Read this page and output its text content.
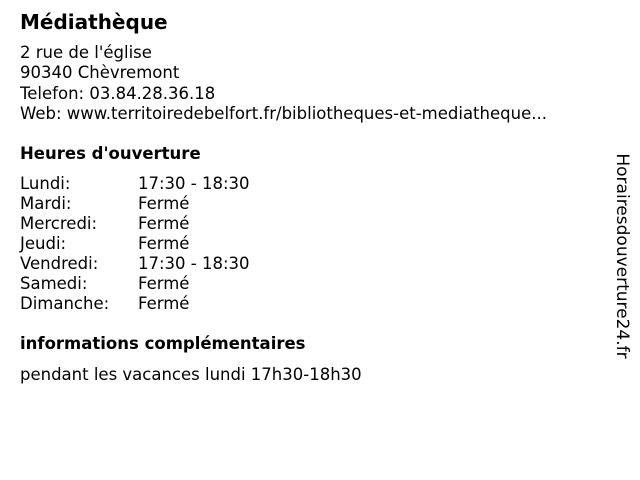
Médiathèque
2 rue de l'église
90340 Chèvremont
Telefon: 03.84.28.36.18
Web: www.territoiredebelfort.fr/bibliotheques-et-mediatheque...
Heures d'ouverture
Lundi:	17:30 - 18:30
Mardi:	Fermé
Mercredi:	Fermé
Jeudi:	Fermé
Vendredi:	17:30 - 18:30
Samedi:	Fermé
Dimanche:	Fermé
informations complémentaires
pendant les vacances lundi 17h30-18h30
Horairesdouverture24.fr
